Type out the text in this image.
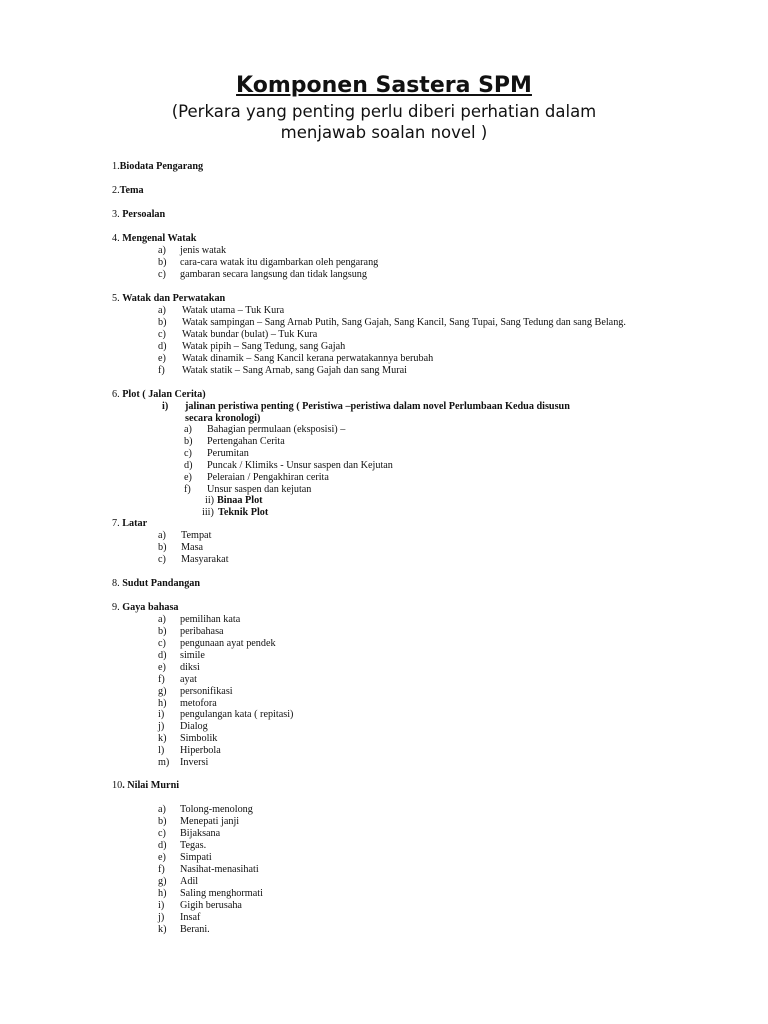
Komponen Sastera SPM
(Perkara yang penting perlu diberi perhatian dalam
menjawab soalan novel )
1.Biodata Pengarang
2.Tema
3. Persoalan
4. Mengenal Watak
a) jenis watak
b) cara-cara watak itu digambarkan oleh pengarang
c) gambaran secara langsung dan tidak langsung
5. Watak dan Perwatakan
a) Watak utama – Tuk Kura
b) Watak sampingan – Sang Arnab Putih, Sang Gajah, Sang Kancil, Sang Tupai, Sang Tedung dan sang Belang.
c) Watak bundar (bulat) – Tuk Kura
d) Watak pipih – Sang Tedung, sang Gajah
e) Watak dinamik – Sang Kancil kerana perwatakannya berubah
f) Watak statik – Sang Arnab, sang Gajah dan sang Murai
6. Plot ( Jalan Cerita)
i) jalinan peristiwa penting ( Peristiwa –peristiwa dalam novel Perlumbaan Kedua disusun
secara kronologi)
a) Bahagian permulaan (eksposisi) –
b) Pertengahan Cerita
c) Perumitan
d) Puncak / Klimiks - Unsur saspen dan Kejutan
e) Peleraian / Pengakhiran cerita
f) Unsur saspen dan kejutan
ii) Binaa Plot
iii) Teknik Plot
7. Latar
a) Tempat
b) Masa
c) Masyarakat
8. Sudut Pandangan
9. Gaya bahasa
a) pemilihan kata
b) peribahasa
c) pengunaan ayat pendek
d) simile
e) diksi
f) ayat
g) personifikasi
h) metofora
i) pengulangan kata ( repitasi)
j) Dialog
k) Simbolik
l) Hiperbola
m) Inversi
10. Nilai Murni
a) Tolong-menolong
b) Menepati janji
c) Bijaksana
d) Tegas.
e) Simpati
f) Nasihat-menasihati
g) Adil
h) Saling menghormati
i) Gigih berusaha
j) Insaf
k) Berani.
